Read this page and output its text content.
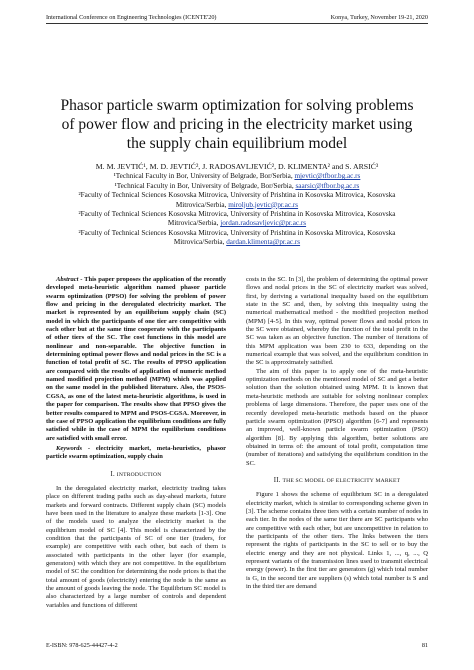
International Conference on Engineering Technologies (ICENTE'20)	Konya, Turkey, November 19-21, 2020
Phasor particle swarm optimization for solving problems of power flow and pricing in the electricity market using the supply chain equilibrium model
M. M. JEVTIĆ¹, M. D. JEVTIĆ², J. RADOSAVLJEVIĆ², D. KLIMENTA² and S. ARSIĆ³
¹Technical Faculty in Bor, University of Belgrade, Bor/Serbia, mjevtic@tfbor.bg.ac.rs
¹Technical Faculty in Bor, University of Belgrade, Bor/Serbia, saarsic@tfbor.bg.ac.rs
²Faculty of Technical Sciences Kosovska Mitrovica, University of Prishtina in Kosovska Mitrovica, Kosovska Mitrovica/Serbia, miroljub.jevtic@pr.ac.rs
²Faculty of Technical Sciences Kosovska Mitrovica, University of Prishtina in Kosovska Mitrovica, Kosovska Mitrovica/Serbia, jordan.radosavljevic@pr.ac.rs
²Faculty of Technical Sciences Kosovska Mitrovica, University of Prishtina in Kosovska Mitrovica, Kosovska Mitrovica/Serbia, dardan.klimenta@pr.ac.rs

Abstract - This paper proposes the application of the recently developed meta-heuristic algorithm named phasor particle swarm optimization (PPSO) for solving the problem of power flow and pricing in the deregulated electricity market. The market is represented by an equilibrium supply chain (SC) model in which the participants of one tier are competitive with each other but at the same time cooperate with the participants of other tiers of the SC. The cost functions in this model are nonlinear and non-separable. The objective function in determining optimal power flows and nodal prices in the SC is a function of total profit of SC. The results of PPSO application are compared with the results of application of numeric method named modified projection method (MPM) which was applied on the same model in the published literature. Also, the PSOS-CGSA, as one of the latest meta-heuristic algorithms, is used in the paper for comparison. The results show that PPSO gives the better results compared to MPM and PSOS-CGSA. Moreover, in the case of PPSO application the equilibrium conditions are fully satisfied while in the case of MPM the equilibrium conditions are satisfied with small error.

Keywords - electricity market, meta-heuristics, phasor particle swarm optimization, supply chain

I. INTRODUCTION

In the deregulated electricity market, electricity trading takes place on different trading paths such as day-ahead markets, future markets and forward contracts. Different supply chain (SC) models have been used in the literature to analyze these markets [1-3]. One of the models used to analyze the electricity market is the equilibrium model of SC [4]. This model is characterized by the condition that the participants of SC of one tier (traders, for example) are competitive with each other, but each of them is associated with participants in the other layer (for example, generators) with which they are not competitive. In the equilibrium model of SC the condition for determining the node prices is that the total amount of goods (electricity) entering the node is the same as the amount of goods leaving the node. The Equilibrium SC model is also characterized by a large number of controls and dependent variables and functions of different

costs in the SC. In [3], the problem of determining the optimal power flows and nodal prices in the SC of electricity market was solved, first, by deriving a variational inequality based on the equilibrium state in the SC and, then, by solving this inequality using the numerical mathematical method - the modified projection method (MPM) [4-5]. In this way, optimal power flows and nodal prices in the SC were obtained, whereby the function of the total profit in the SC was taken as an objective function. The number of iterations of this MPM application was been 230 to 633, depending on the numerical example that was solved, and the equilibrium condition in the SC is approximately satisfied.

The aim of this paper is to apply one of the meta-heuristic optimization methods on the mentioned model of SC and get a better solution than the solution obtained using MPM. It is known that meta-heuristic methods are suitable for solving nonlinear complex problems of large dimensions. Therefore, the paper uses one of the recently developed meta-heuristic methods based on the phasor particle swarm optimization (PPSO) algorithm [6-7] and represents an improved, well-known particle swarm optimization (PSO) algorithm [8]. By applying this algorithm, better solutions are obtained in terms of: the amount of total profit, computation time (number of iterations) and satisfying the equilibrium condition in the SC.

II. THE SC MODEL OF ELECTRICITY MARKET

Figure 1 shows the scheme of equilibrium SC in a deregulated electricity market, which is similar to corresponding scheme given in [3]. The scheme contains three tiers with a certain number of nodes in each tier. In the nodes of the same tier there are SC participants who are competitive with each other, but are uncompetitive in relation to the participants of the other tiers. The links between the tiers represent the rights of participants in the SC to sell or to buy the electric energy and they are not physical. Links 1, ..., q, ..., Q represent variants of the transmission lines used to transmit electrical energy (power). In the first tier are generators (g) which total number is G, in the second tier are suppliers (s) which total number is S and in the third tier are demand

E-ISBN: 978-625-44427-4-2	81
